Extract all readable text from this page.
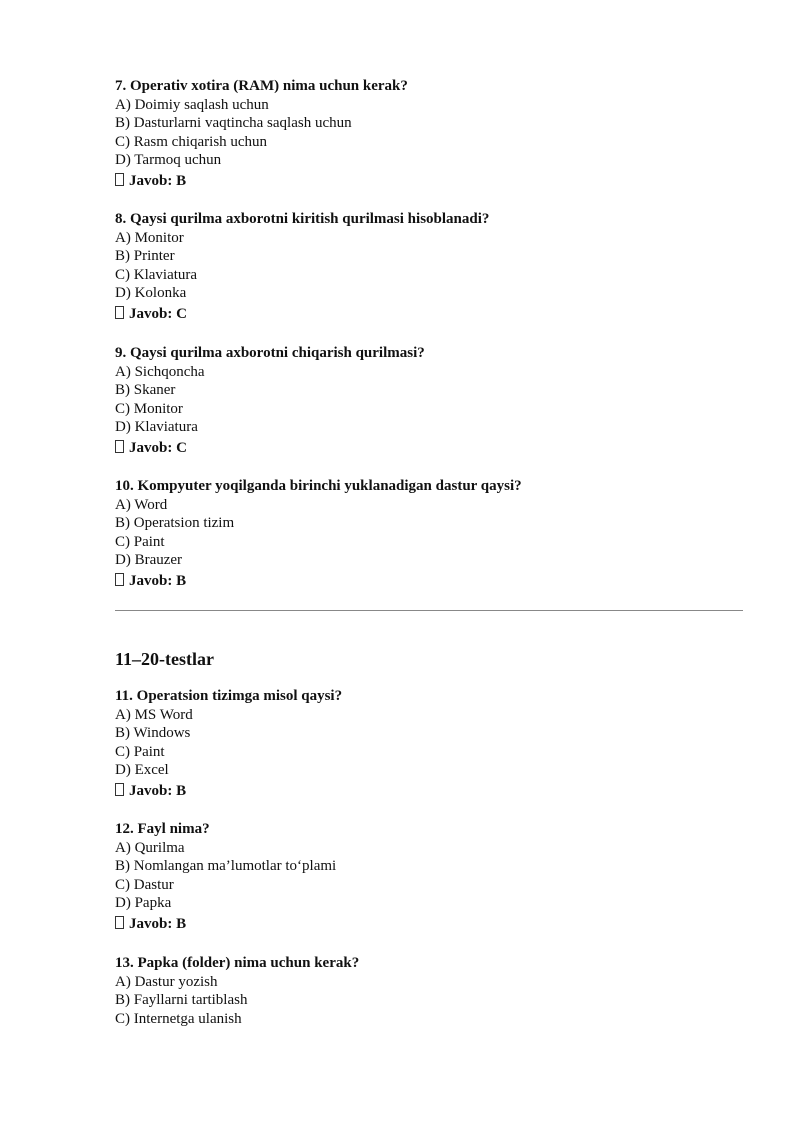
7. Operativ xotira (RAM) nima uchun kerak?

A) Doimiy saqlash uchun

B) Dasturlarni vaqtincha saqlash uchun

C) Rasm chiqarish uchun

D) Tarmoq uchun

Javob: B

8. Qaysi qurilma axborotni kiritish qurilmasi hisoblanadi?

A) Monitor

B) Printer

C) Klaviatura

D) Kolonka

Javob: C

9. Qaysi qurilma axborotni chiqarish qurilmasi?

A) Sichqoncha

B) Skaner

C) Monitor

D) Klaviatura

Javob: C

10. Kompyuter yoqilganda birinchi yuklanadigan dastur qaysi?

A) Word

B) Operatsion tizim

C) Paint

D) Brauzer

Javob: B
11–20-testlar

11. Operatsion tizimga misol qaysi?

A) MS Word

B) Windows

C) Paint

D) Excel

Javob: B

12. Fayl nima?

A) Qurilma

B) Nomlangan ma’lumotlar to‘plami

C) Dastur

D) Papka

Javob: B

13. Papka (folder) nima uchun kerak?

A) Dastur yozish

B) Fayllarni tartiblash

C) Internetga ulanish
